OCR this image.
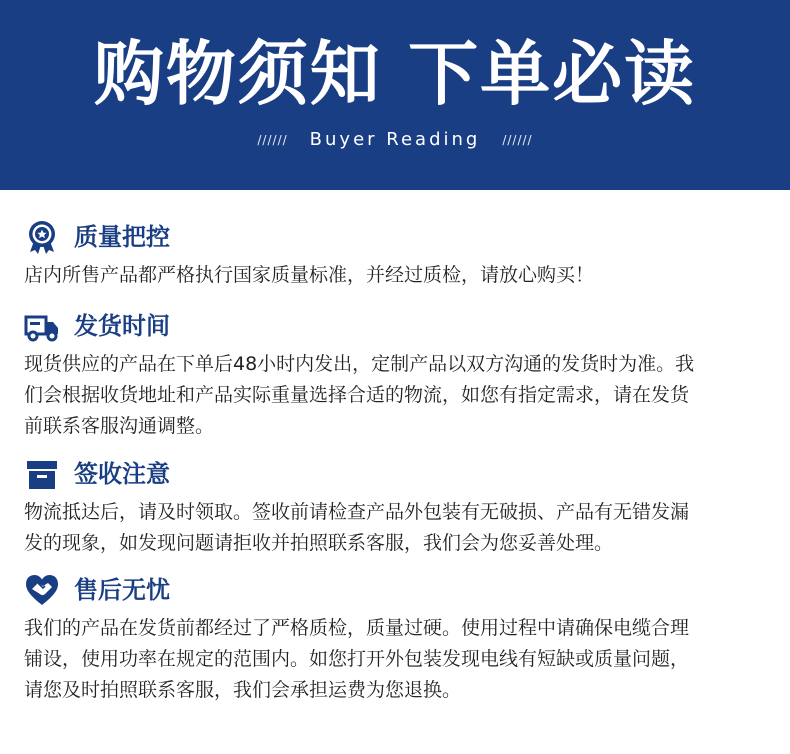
购物须知 下单必读
////// Buyer Reading //////
质量把控
店内所售产品都严格执行国家质量标准，并经过质检，请放心购买！
发货时间
现货供应的产品在下单后48小时内发出，定制产品以双方沟通的发货时为准。我
们会根据收货地址和产品实际重量选择合适的物流，如您有指定需求，请在发货
前联系客服沟通调整。
签收注意
物流抵达后，请及时领取。签收前请检查产品外包装有无破损、产品有无错发漏
发的现象，如发现问题请拒收并拍照联系客服，我们会为您妥善处理。
售后无忧
我们的产品在发货前都经过了严格质检，质量过硬。使用过程中请确保电缆合理
铺设，使用功率在规定的范围内。如您打开外包装发现电线有短缺或质量问题，
请您及时拍照联系客服，我们会承担运费为您退换。
